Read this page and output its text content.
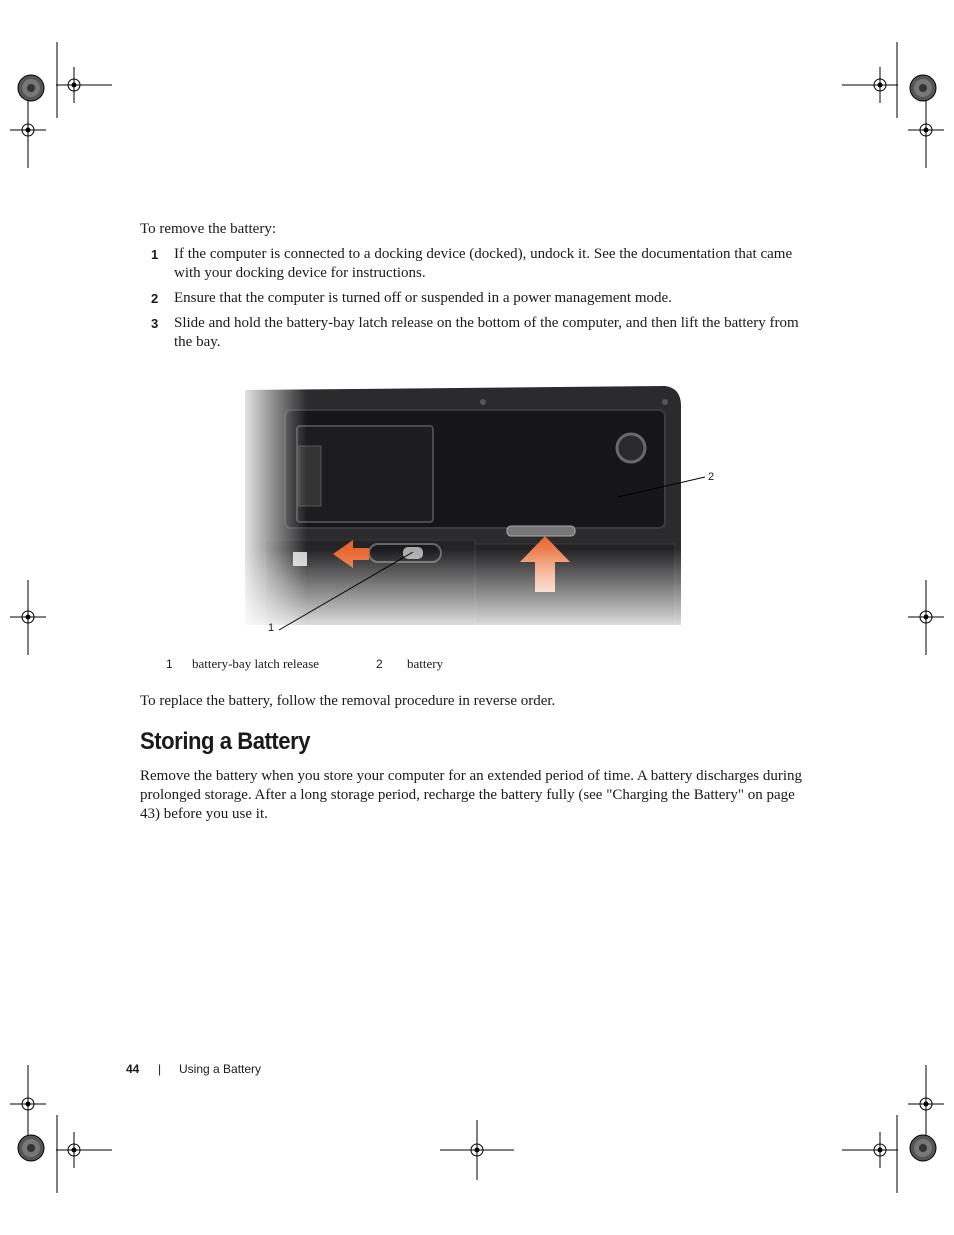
To remove the battery:
1 If the computer is connected to a docking device (docked), undock it. See the documentation that came with your docking device for instructions.
2 Ensure that the computer is turned off or suspended in a power management mode.
3 Slide and hold the battery-bay latch release on the bottom of the computer, and then lift the battery from the bay.
2
1
1 battery-bay latch release	2 battery
To replace the battery, follow the removal procedure in reverse order.
Storing a Battery
Remove the battery when you store your computer for an extended period of time. A battery discharges during prolonged storage. After a long storage period, recharge the battery fully (see "Charging the Battery" on page 43) before you use it.
44 | Using a Battery
